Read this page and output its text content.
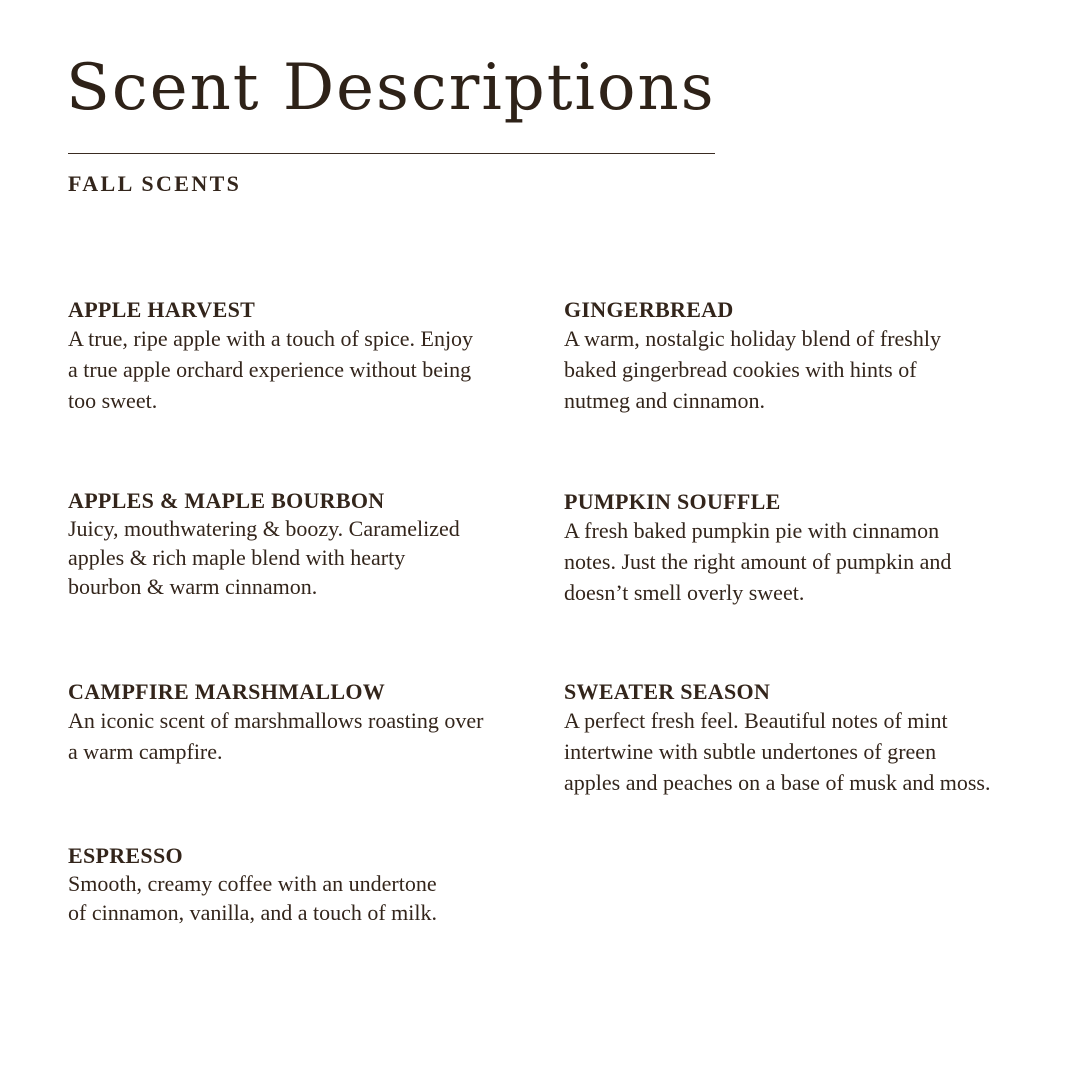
Scent Descriptions
FALL SCENTS
APPLE HARVEST
A true, ripe apple with a touch of spice. Enjoy
a true apple orchard experience without being
too sweet.
GINGERBREAD
A warm, nostalgic holiday blend of freshly
baked gingerbread cookies with hints of
nutmeg and cinnamon.
APPLES & MAPLE BOURBON
Juicy, mouthwatering & boozy. Caramelized
apples & rich maple blend with hearty
bourbon & warm cinnamon.
PUMPKIN SOUFFLE
A fresh baked pumpkin pie with cinnamon
notes. Just the right amount of pumpkin and
doesn’t smell overly sweet.
CAMPFIRE MARSHMALLOW
An iconic scent of marshmallows roasting over
a warm campfire.
SWEATER SEASON
A perfect fresh feel. Beautiful notes of mint
intertwine with subtle undertones of green
apples and peaches on a base of musk and moss.
ESPRESSO
Smooth, creamy coffee with an undertone
of cinnamon, vanilla, and a touch of milk.
